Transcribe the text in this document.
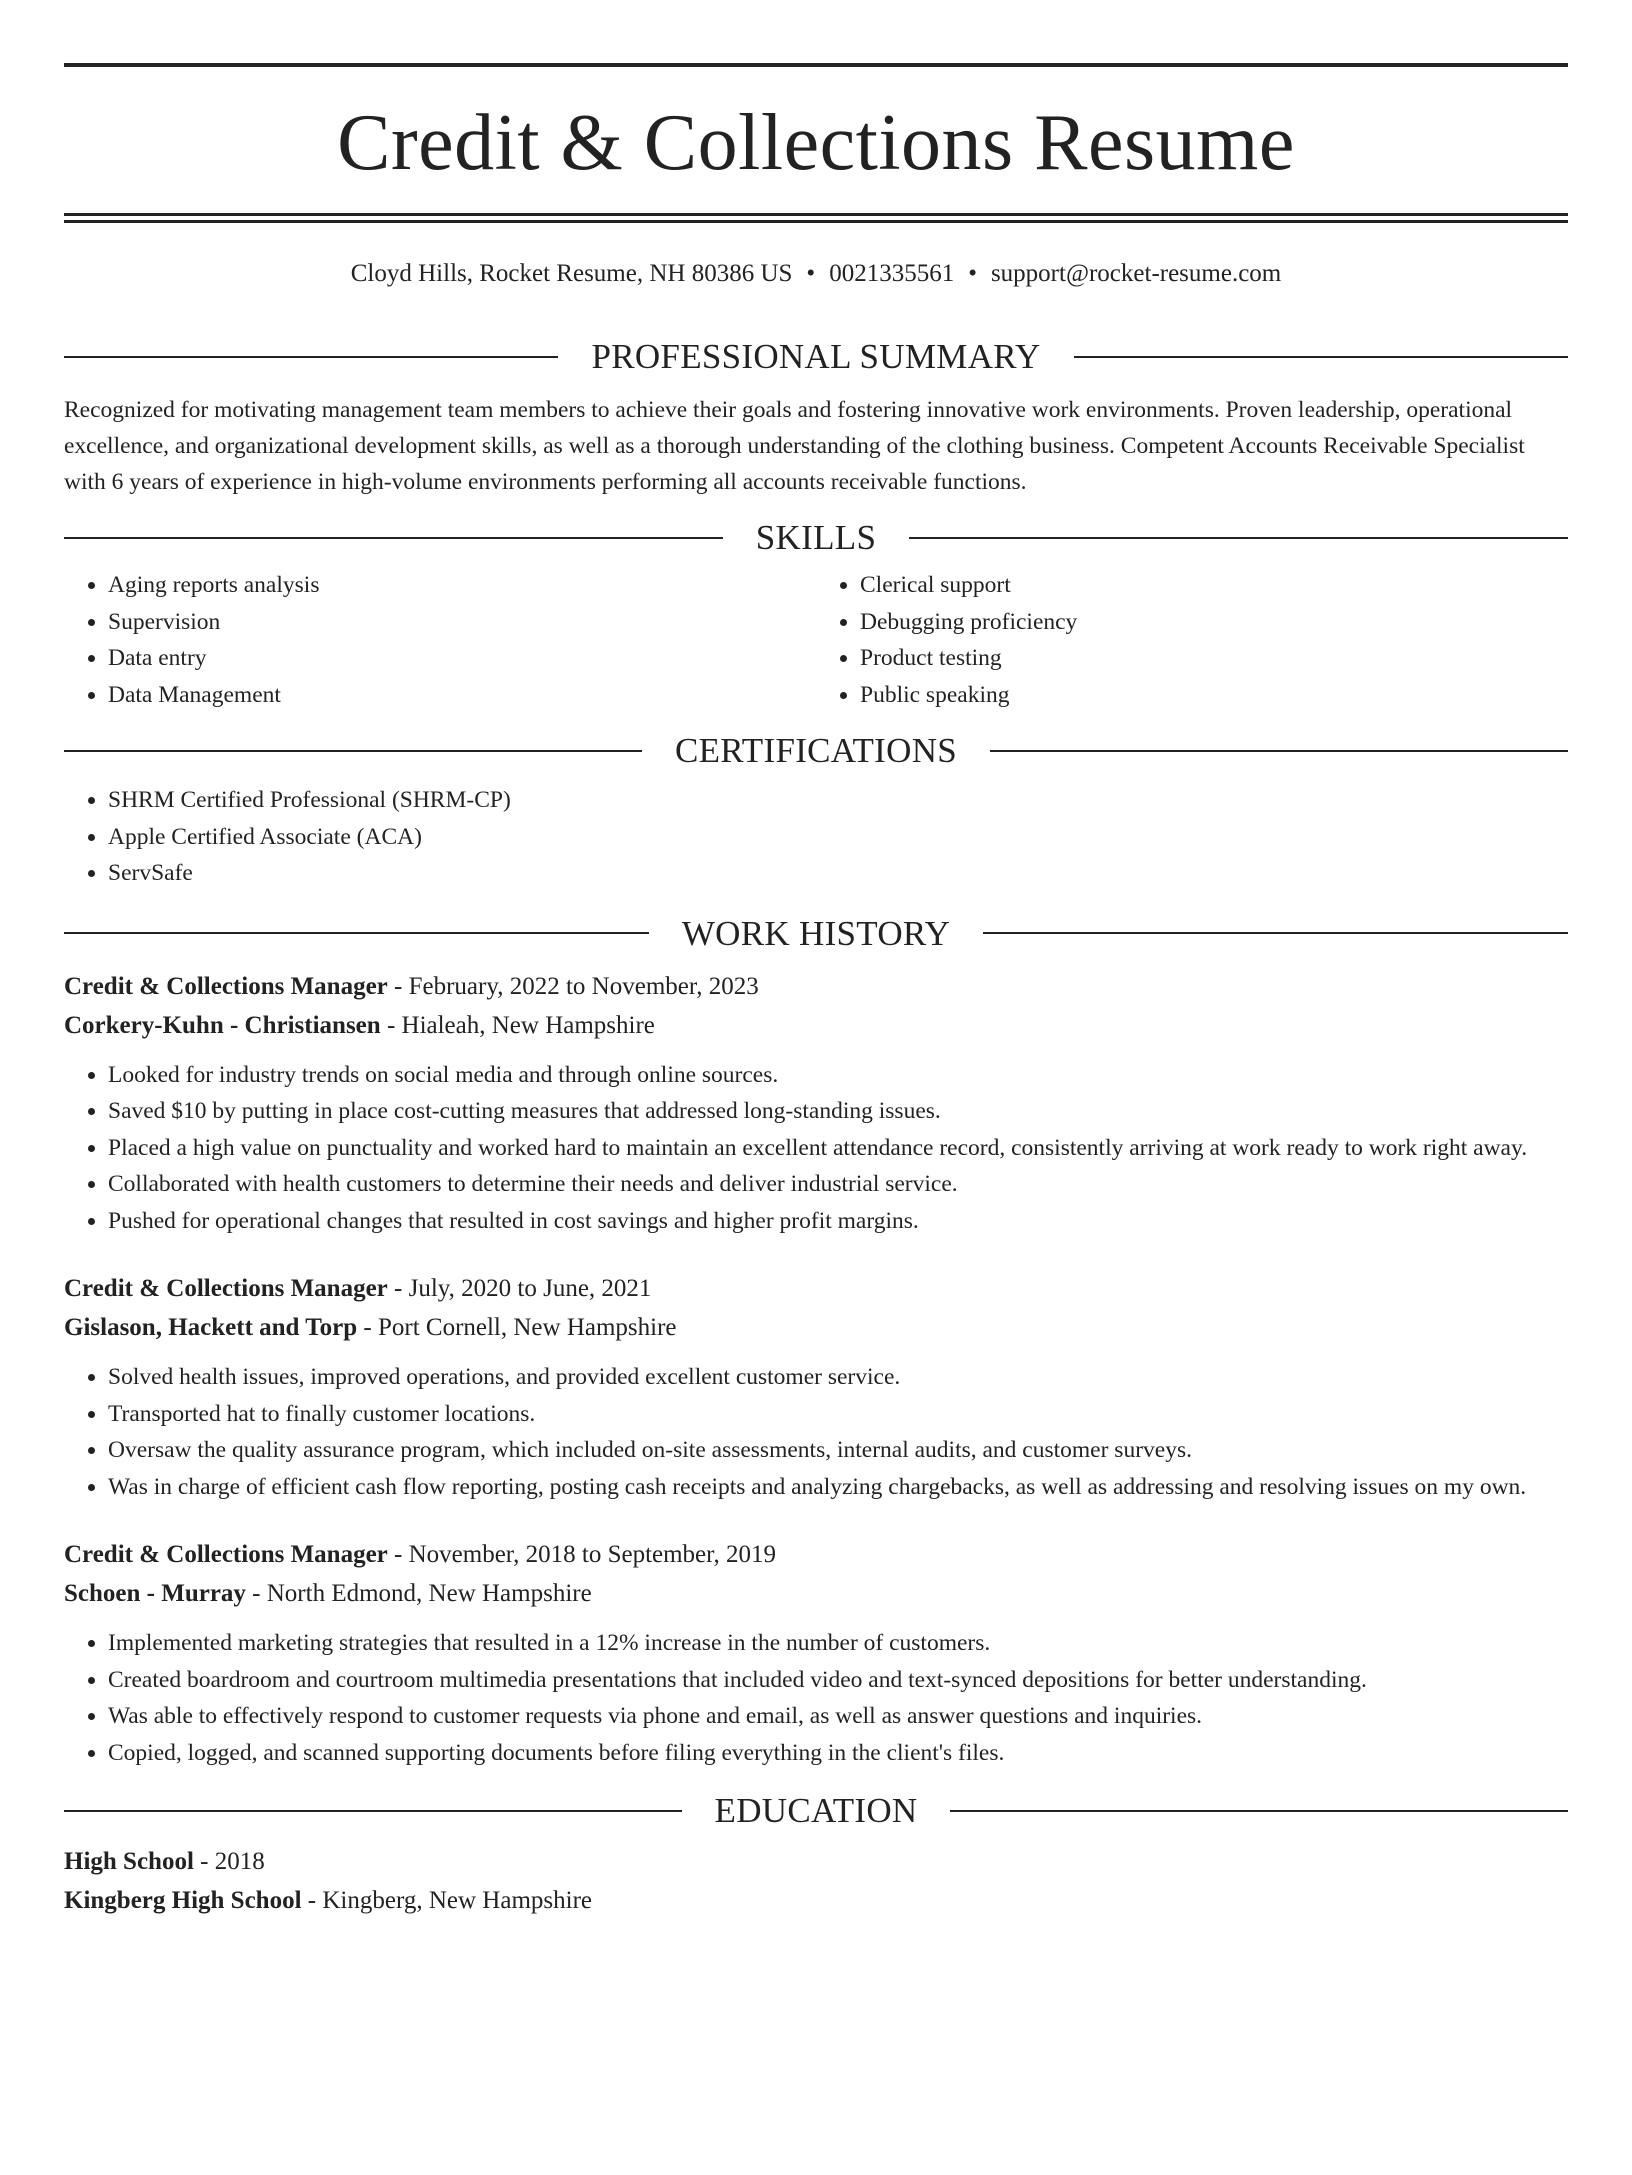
Credit & Collections Resume
Cloyd Hills, Rocket Resume, NH 80386 US • 0021335561 • support@rocket-resume.com
PROFESSIONAL SUMMARY

Recognized for motivating management team members to achieve their goals and fostering innovative work environments. Proven leadership, operational excellence, and organizational development skills, as well as a thorough understanding of the clothing business. Competent Accounts Receivable Specialist with 6 years of experience in high-volume environments performing all accounts receivable functions.

SKILLS
• Aging reports analysis
• Supervision
• Data entry
• Data Management
• Clerical support
• Debugging proficiency
• Product testing
• Public speaking
CERTIFICATIONS
• SHRM Certified Professional (SHRM-CP)
• Apple Certified Associate (ACA)
• ServSafe
WORK HISTORY

Credit & Collections Manager - February, 2022 to November, 2023

Corkery-Kuhn - Christiansen - Hialeah, New Hampshire

• Looked for industry trends on social media and through online sources.
• Saved $10 by putting in place cost-cutting measures that addressed long-standing issues.
• Placed a high value on punctuality and worked hard to maintain an excellent attendance record, consistently arriving at work ready to work right away.
• Collaborated with health customers to determine their needs and deliver industrial service.
• Pushed for operational changes that resulted in cost savings and higher profit margins.

Credit & Collections Manager - July, 2020 to June, 2021

Gislason, Hackett and Torp - Port Cornell, New Hampshire

• Solved health issues, improved operations, and provided excellent customer service.
• Transported hat to finally customer locations.
• Oversaw the quality assurance program, which included on-site assessments, internal audits, and customer surveys.
• Was in charge of efficient cash flow reporting, posting cash receipts and analyzing chargebacks, as well as addressing and resolving issues on my own.

Credit & Collections Manager - November, 2018 to September, 2019

Schoen - Murray - North Edmond, New Hampshire

• Implemented marketing strategies that resulted in a 12% increase in the number of customers.
• Created boardroom and courtroom multimedia presentations that included video and text-synced depositions for better understanding.
• Was able to effectively respond to customer requests via phone and email, as well as answer questions and inquiries.
• Copied, logged, and scanned supporting documents before filing everything in the client's files.
EDUCATION

High School - 2018

Kingberg High School - Kingberg, New Hampshire
